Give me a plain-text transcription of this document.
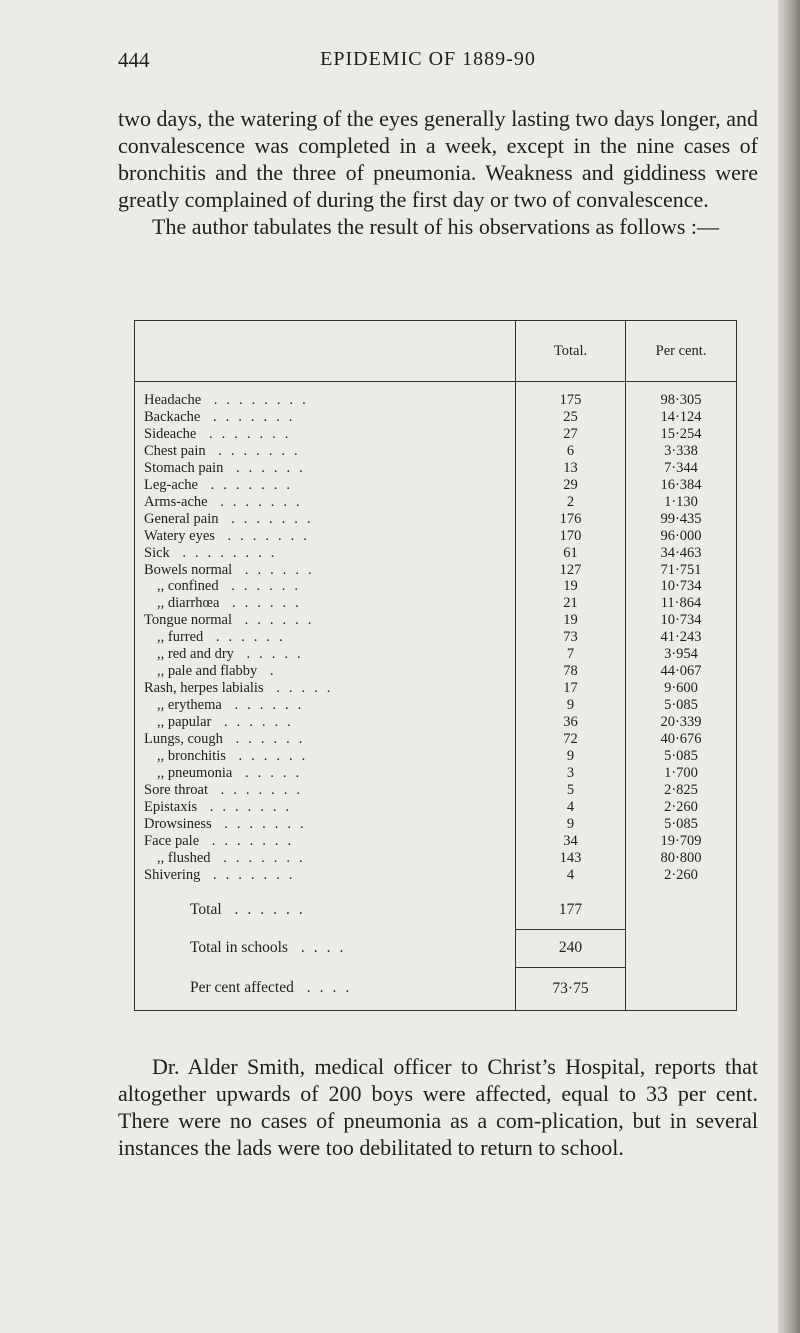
444	EPIDEMIC OF 1889-90

two days, the watering of the eyes generally lasting two days longer, and convalescence was completed in a week, except in the nine cases of bronchitis and the three of pneumonia. Weakness and giddiness were greatly complained of during the first day or two of convalescence.

The author tabulates the result of his observations as follows :—

	Total.	Per cent.

Headache ........	175	98·305
Backache .......	25	14·124
Sideache .......	27	15·254
Chest pain .......	6	3·338
Stomach pain ......	13	7·344
Leg-ache .......	29	16·384
Arms-ache .......	2	1·130
General pain .......	176	99·435
Watery eyes .......	170	96·000
Sick ........	61	34·463
Bowels normal ......	127	71·751
,, confined ......	19	10·734
,, diarrhœa ......	21	11·864
Tongue normal ......	19	10·734
,, furred ......	73	41·243
,, red and dry .....	7	3·954
,, pale and flabby .	78	44·067
Rash, herpes labialis .....	17	9·600
,, erythema ......	9	5·085
,, papular ......	36	20·339
Lungs, cough ......	72	40·676
,, bronchitis ......	9	5·085
,, pneumonia .....	3	1·700
Sore throat .......	5	2·825
Epistaxis .......	4	2·260
Drowsiness .......	9	5·085
Face pale .......	34	19·709
,, flushed .......	143	80·800
Shivering .......	4	2·260
Total ......	177	
Total in schools ....	240	
Per cent affected ....	73·75	
Dr. Alder Smith, medical officer to Christ’s Hospital, reports that altogether upwards of 200 boys were affected, equal to 33 per cent. There were no cases of pneumonia as a com-plication, but in several instances the lads were too debilitated to return to school.
